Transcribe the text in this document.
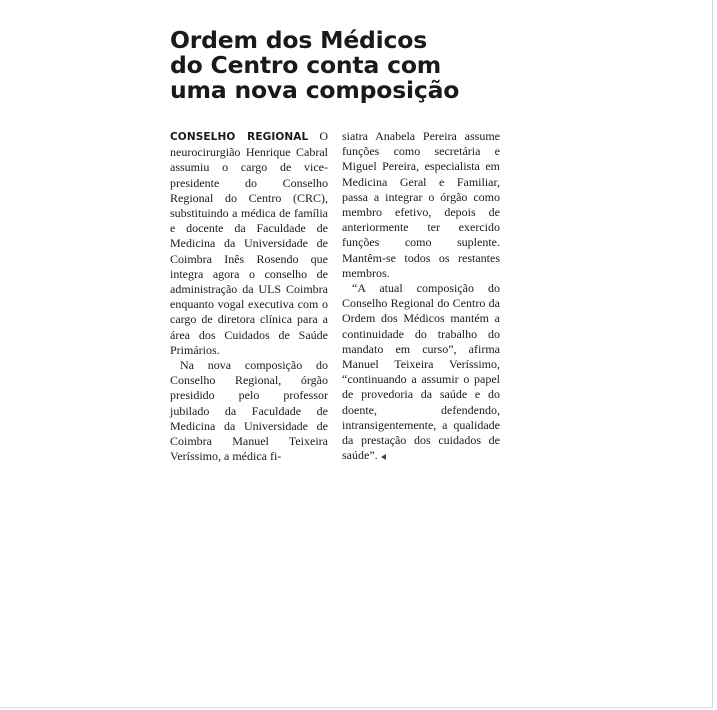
Ordem dos Médicos
do Centro conta com
uma nova composição

CONSELHO REGIONAL O neurocirurgião Henrique Cabral assumiu o cargo de vice-presidente do Conselho Regional do Centro (CRC), substituindo a médica de família e docente da Faculdade de Medicina da Universidade de Coimbra Inês Rosendo que integra agora o conselho de administração da ULS Coimbra enquanto vogal executiva com o cargo de diretora clínica para a área dos Cuidados de Saúde Primários.

Na nova composição do Conselho Regional, órgão presidido pelo professor jubilado da Faculdade de Medicina da Universidade de Coimbra Manuel Teixeira Veríssimo, a médica fi-

siatra Anabela Pereira assume funções como secretária e Miguel Pereira, especialista em Medicina Geral e Familiar, passa a integrar o órgão como membro efetivo, depois de anteriormente ter exercido funções como suplente. Mantêm-se todos os restantes membros.

“A atual composição do Conselho Regional do Centro da Ordem dos Médicos mantém a continuidade do trabalho do mandato em curso”, afirma Manuel Teixeira Veríssimo, “continuando a assumir o papel de provedoria da saúde e do doente, defendendo, intransigentemente, a qualidade da prestação dos cuidados de saúde”.
